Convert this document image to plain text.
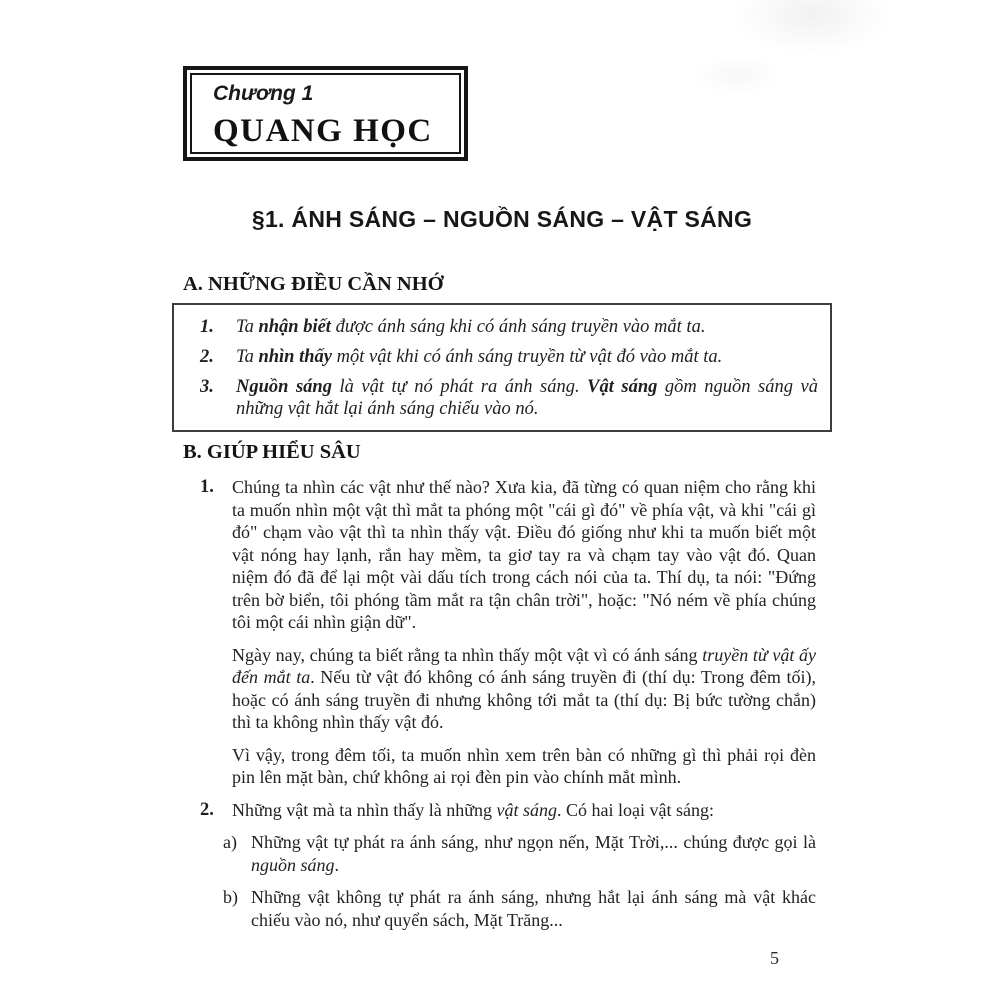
Chương 1
QUANG HỌC
§1. ÁNH SÁNG – NGUỒN SÁNG – VẬT SÁNG
A. NHỮNG ĐIỀU CẦN NHỚ
1.	Ta nhận biết được ánh sáng khi có ánh sáng truyền vào mắt ta.
2.	Ta nhìn thấy một vật khi có ánh sáng truyền từ vật đó vào mắt ta.
3.	Nguồn sáng là vật tự nó phát ra ánh sáng. Vật sáng gồm nguồn sáng và những vật hắt lại ánh sáng chiếu vào nó.
B. GIÚP HIỂU SÂU
1.	Chúng ta nhìn các vật như thế nào? Xưa kia, đã từng có quan niệm cho rằng khi ta muốn nhìn một vật thì mắt ta phóng một "cái gì đó" về phía vật, và khi "cái gì đó" chạm vào vật thì ta nhìn thấy vật. Điều đó giống như khi ta muốn biết một vật nóng hay lạnh, rắn hay mềm, ta giơ tay ra và chạm tay vào vật đó. Quan niệm đó đã để lại một vài dấu tích trong cách nói của ta. Thí dụ, ta nói: "Đứng trên bờ biển, tôi phóng tầm mắt ra tận chân trời", hoặc: "Nó ném về phía chúng tôi một cái nhìn giận dữ".

Ngày nay, chúng ta biết rằng ta nhìn thấy một vật vì có ánh sáng truyền từ vật ấy đến mắt ta. Nếu từ vật đó không có ánh sáng truyền đi (thí dụ: Trong đêm tối), hoặc có ánh sáng truyền đi nhưng không tới mắt ta (thí dụ: Bị bức tường chắn) thì ta không nhìn thấy vật đó.

Vì vậy, trong đêm tối, ta muốn nhìn xem trên bàn có những gì thì phải rọi đèn pin lên mặt bàn, chứ không ai rọi đèn pin vào chính mắt mình.

2.	Những vật mà ta nhìn thấy là những vật sáng. Có hai loại vật sáng:

a) Những vật tự phát ra ánh sáng, như ngọn nến, Mặt Trời,... chúng được gọi là nguồn sáng.

b) Những vật không tự phát ra ánh sáng, nhưng hắt lại ánh sáng mà vật khác chiếu vào nó, như quyển sách, Mặt Trăng...

5
